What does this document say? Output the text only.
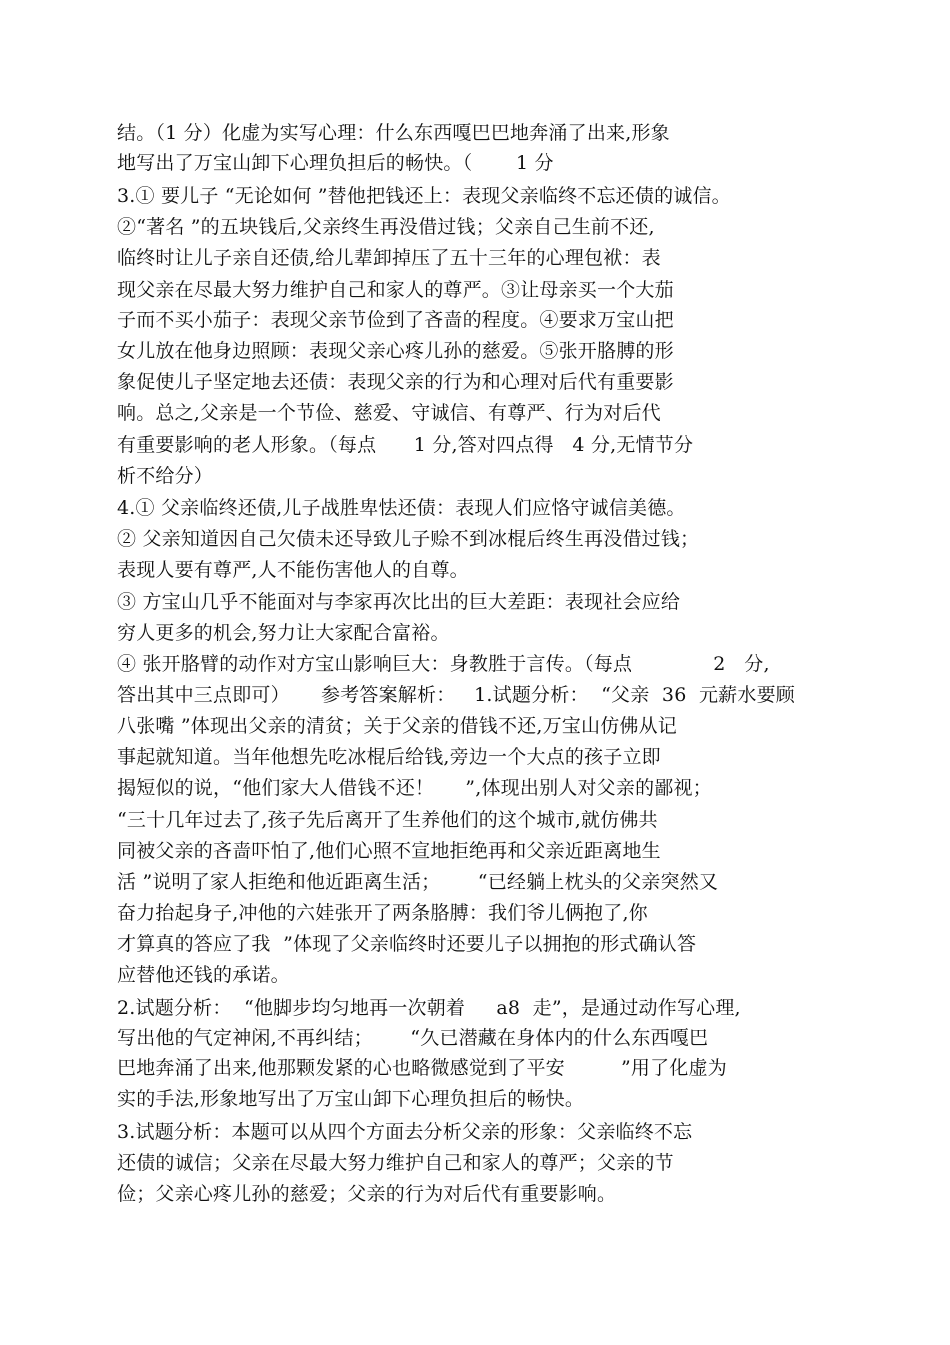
结。（1 分）化虚为实写心理：什么东西嘎巴巴地奔涌了出来,形象
地写出了万宝山卸下心理负担后的畅快。（       1 分
3.① 要儿子 “无论如何 ”替他把钱还上：表现父亲临终不忘还债的诚信。
②“著名 ”的五块钱后,父亲终生再没借过钱；父亲自己生前不还,
临终时让儿子亲自还债,给儿辈卸掉压了五十三年的心理包袱：表
现父亲在尽最大努力维护自己和家人的尊严。③让母亲买一个大茄
子而不买小茄子：表现父亲节俭到了吝啬的程度。④要求万宝山把
女儿放在他身边照顾：表现父亲心疼儿孙的慈爱。⑤张开胳膊的形
象促使儿子坚定地去还债：表现父亲的行为和心理对后代有重要影
响。总之,父亲是一个节俭、慈爱、守诚信、有尊严、行为对后代
有重要影响的老人形象。（每点      1 分,答对四点得   4 分,无情节分
析不给分）
4.① 父亲临终还债,儿子战胜卑怯还债：表现人们应恪守诚信美德。
② 父亲知道因自己欠债未还导致儿子赊不到冰棍后终生再没借过钱；
表现人要有尊严,人不能伤害他人的自尊。
③ 方宝山几乎不能面对与李家再次比出的巨大差距：表现社会应给
穷人更多的机会,努力让大家配合富裕。
④ 张开胳臂的动作对方宝山影响巨大：身教胜于言传。（每点             2   分,
答出其中三点即可）     参考答案解析：   1.试题分析：  “父亲  36  元薪水要顾
八张嘴 ”体现出父亲的清贫；关于父亲的借钱不还,万宝山仿佛从记
事起就知道。当年他想先吃冰棍后给钱,旁边一个大点的孩子立即
揭短似的说，“他们家大人借钱不还！     ”,体现出别人对父亲的鄙视；
“三十几年过去了,孩子先后离开了生养他们的这个城市,就仿佛共
同被父亲的吝啬吓怕了,他们心照不宣地拒绝再和父亲近距离地生
活 ”说明了家人拒绝和他近距离生活；      “已经躺上枕头的父亲突然又
奋力抬起身子,冲他的六娃张开了两条胳膊：我们爷儿俩抱了,你
才算真的答应了我  ”体现了父亲临终时还要儿子以拥抱的形式确认答
应替他还钱的承诺。
2.试题分析：  “他脚步均匀地再一次朝着     a8  走”，是通过动作写心理,
写出他的气定神闲,不再纠结；      “久已潜藏在身体内的什么东西嘎巴
巴地奔涌了出来,他那颗发紧的心也略微感觉到了平安         ”用了化虚为
实的手法,形象地写出了万宝山卸下心理负担后的畅快。
3.试题分析：本题可以从四个方面去分析父亲的形象：父亲临终不忘
还债的诚信；父亲在尽最大努力维护自己和家人的尊严；父亲的节
俭；父亲心疼儿孙的慈爱；父亲的行为对后代有重要影响。
